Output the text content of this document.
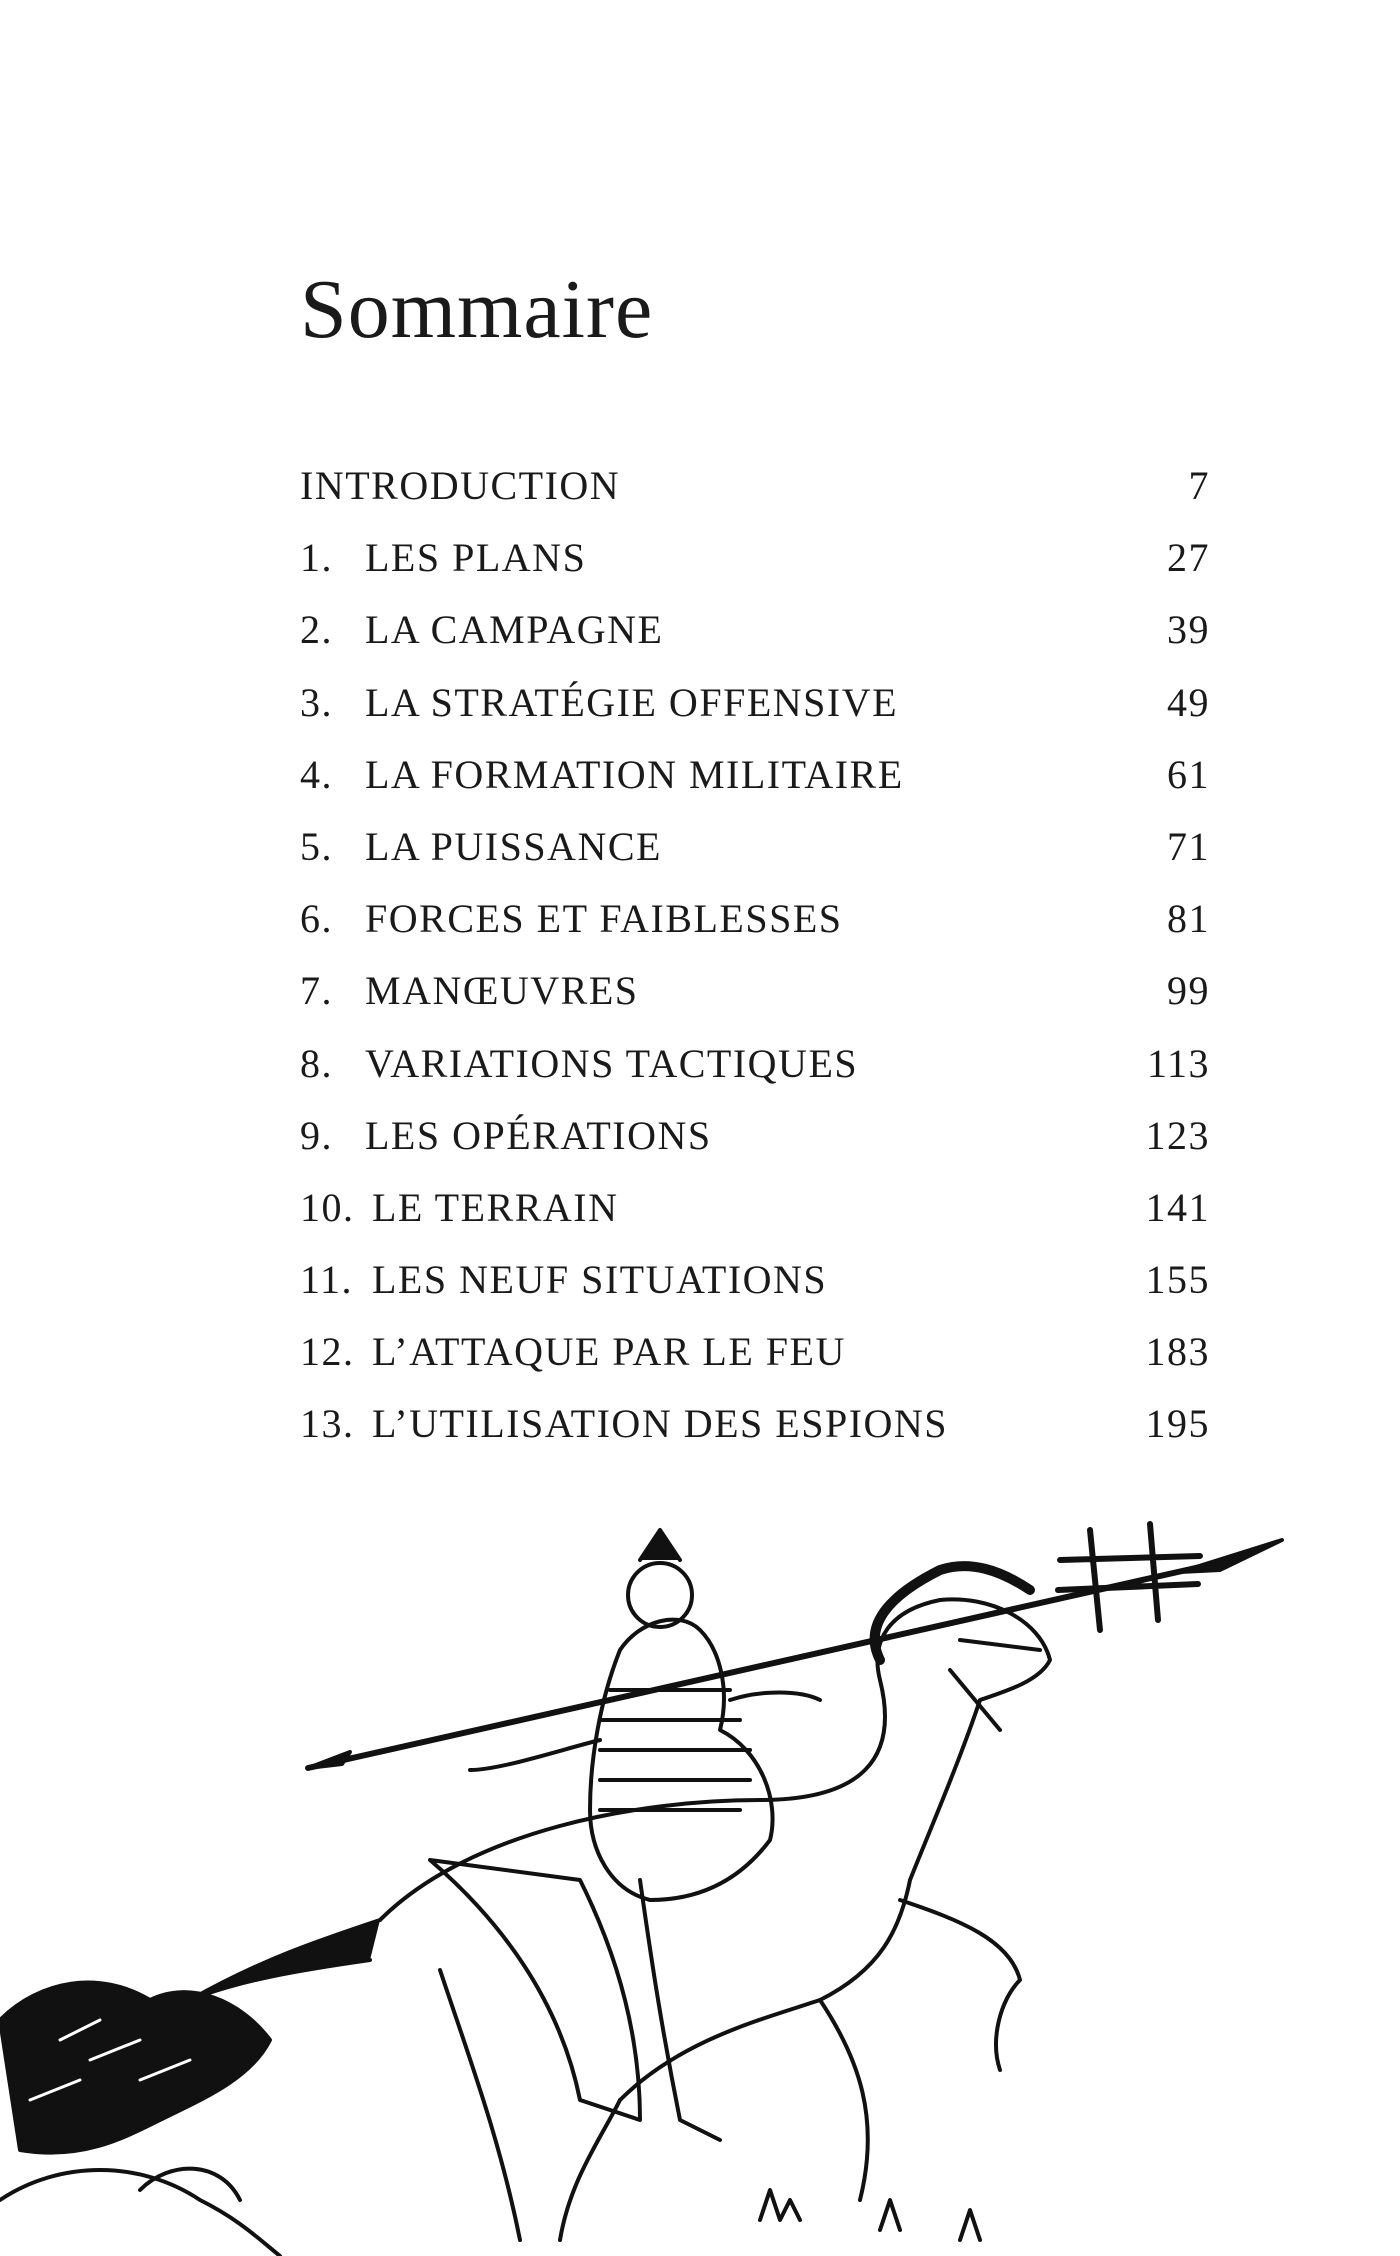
Sommaire
INTRODUCTION	7
1. LES PLANS	27
2. LA CAMPAGNE	39
3. LA STRATÉGIE OFFENSIVE	49
4. LA FORMATION MILITAIRE	61
5. LA PUISSANCE	71
6. FORCES ET FAIBLESSES	81
7. MANŒUVRES	99
8. VARIATIONS TACTIQUES	113
9. LES OPÉRATIONS	123
10. LE TERRAIN	141
11. LES NEUF SITUATIONS	155
12. L’ATTAQUE PAR LE FEU	183
13. L’UTILISATION DES ESPIONS	195
